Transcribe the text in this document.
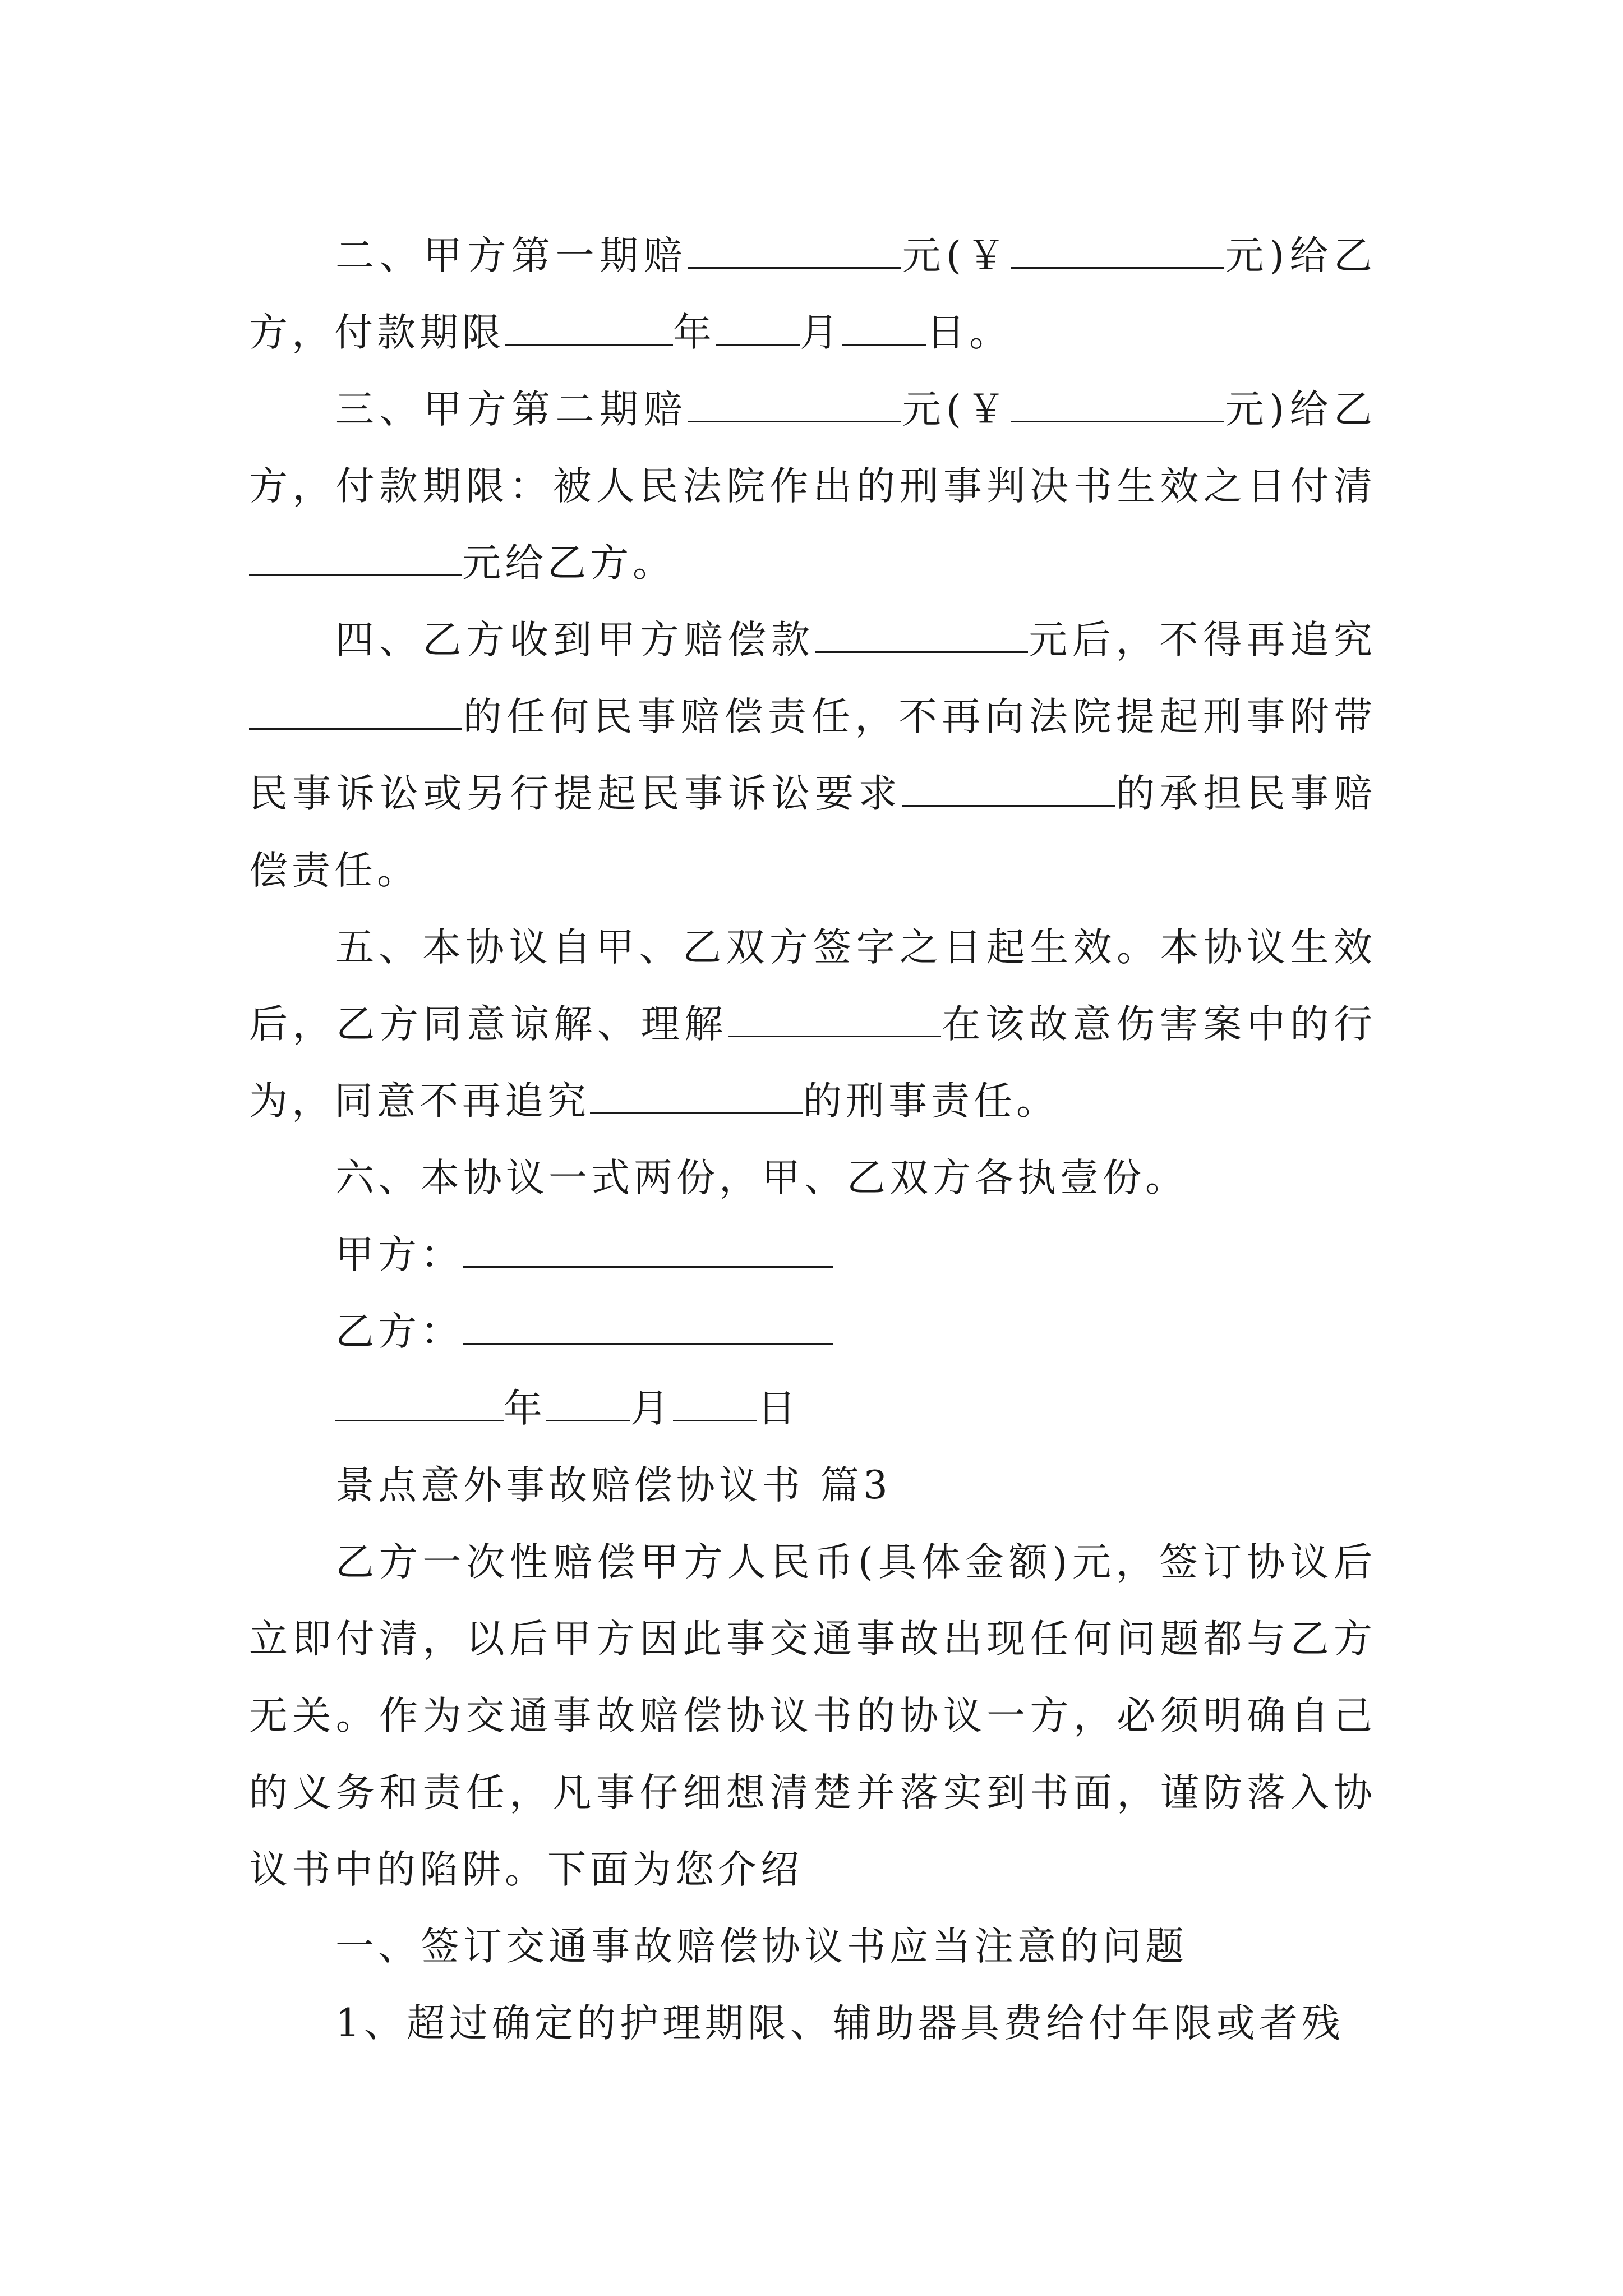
二、甲方第一期赔	元(￥	元)给乙方，付款期限	年 月 日。

三、甲方第二期赔	元(￥	元)给乙方，付款期限：被人民法院作出的刑事判决书生效之日付清元给乙方。

四、乙方收到甲方赔偿款	元后，不得再追究的任何民事赔偿责任，不再向法院提起刑事附带民事诉讼或另行提起民事诉讼要求	的承担民事赔偿责任。

五、本协议自甲、乙双方签字之日起生效。本协议生效后，乙方同意谅解、理解	在该故意伤害案中的行为，同意不再追究	的刑事责任。

六、本协议一式两份，甲、乙双方各执壹份。

甲方：

乙方：

年 月 日

景点意外事故赔偿协议书 篇3

乙方一次性赔偿甲方人民币(具体金额)元，签订协议后立即付清，以后甲方因此事交通事故出现任何问题都与乙方无关。作为交通事故赔偿协议书的协议一方，必须明确自己的义务和责任，凡事仔细想清楚并落实到书面，谨防落入协议书中的陷阱。下面为您介绍

一、签订交通事故赔偿协议书应当注意的问题

1、超过确定的护理期限、辅助器具费给付年限或者残
